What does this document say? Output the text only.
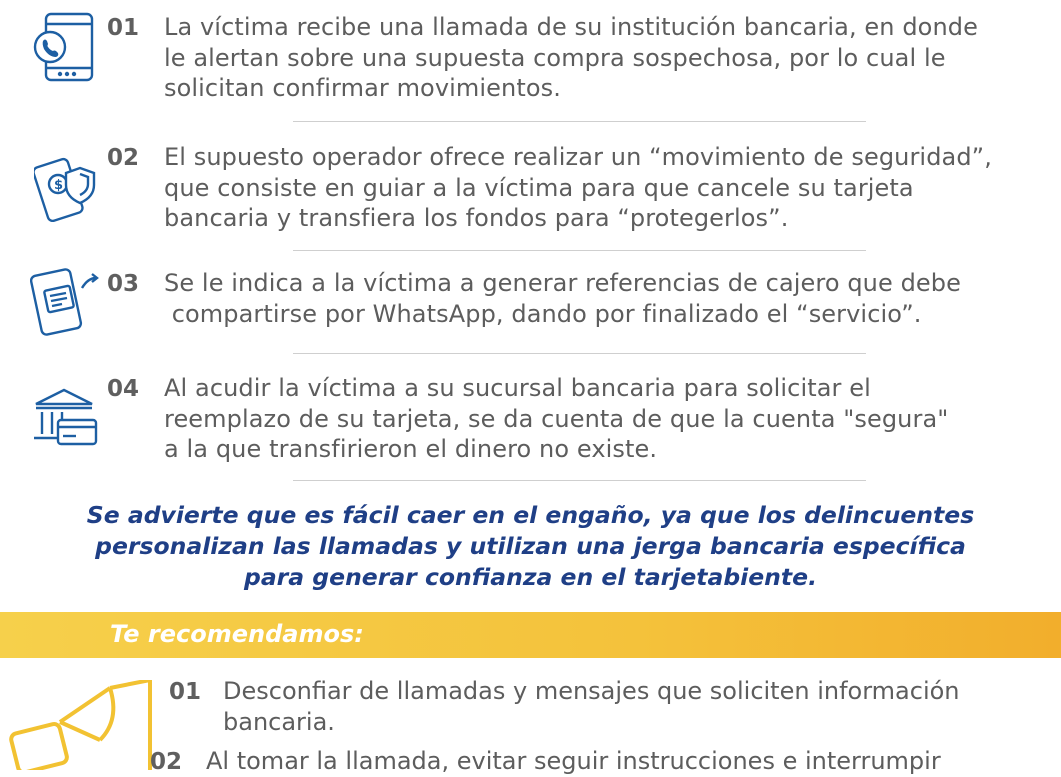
01 La víctima recibe una llamada de su institución bancaria, en donde
le alertan sobre una supuesta compra sospechosa, por lo cual le
solicitan confirmar movimientos.
$
02 El supuesto operador ofrece realizar un “movimiento de seguridad”,
que consiste en guiar a la víctima para que cancele su tarjeta
bancaria y transfiera los fondos para “protegerlos”.
03 Se le indica a la víctima a generar referencias de cajero que debe
compartirse por WhatsApp, dando por finalizado el “servicio”.
04 Al acudir la víctima a su sucursal bancaria para solicitar el
reemplazo de su tarjeta, se da cuenta de que la cuenta "segura"
a la que transfirieron el dinero no existe.
Se advierte que es fácil caer en el engaño, ya que los delincuentes
personalizan las llamadas y utilizan una jerga bancaria específica
para generar confianza en el tarjetabiente.
Te recomendamos:
01 Desconfiar de llamadas y mensajes que soliciten información
bancaria.
02 Al tomar la llamada, evitar seguir instrucciones e interrumpir
